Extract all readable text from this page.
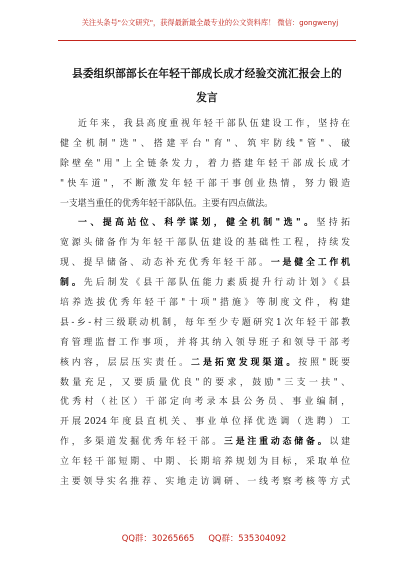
关注头条号"公文研究"，获得最新最全最专业的公文资料库！ 微信：gongwenyj
县委组织部部长在年轻干部成长成才经验交流汇报会上的
发言
近年来，我县高度重视年轻干部队伍建设工作，坚持在
健全机制"选"、搭建平台"育"、筑牢防线"管"、破
除壁垒"用"上全链条发力，着力搭建年轻干部成长成才
"快车道"，不断激发年轻干部干事创业热情，努力锻造
一支堪当重任的优秀年轻干部队伍。主要有四点做法。
一、提高站位、科学谋划，健全机制"选"。坚持拓
宽源头储备作为年轻干部队伍建设的基础性工程，持续发
现、提早储备、动态补充优秀年轻干部。一是健全工作机
制。先后制发《县干部队伍能力素质提升行动计划》《县
培养选拔优秀年轻干部"十项"措施》等制度文件，构建
县-乡-村三级联动机制，每年至少专题研究1次年轻干部教
育管理监督工作事项，并将其纳入领导班子和领导干部考
核内容，层层压实责任。二是拓宽发现渠道。按照"既要
数量充足，又要质量优良"的要求，鼓励"三支一扶"、
优秀村（社区）干部定向考录本县公务员、事业编制，
开展2024年度县直机关、事业单位择优选调（选聘）工
作，多渠道发掘优秀年轻干部。三是注重动态储备。以建
立年轻干部短期、中期、长期培养规划为目标，采取单位
主要领导实名推荐、实地走访调研、一线考察考核等方式
QQ群：30265665 QQ群：535304092
